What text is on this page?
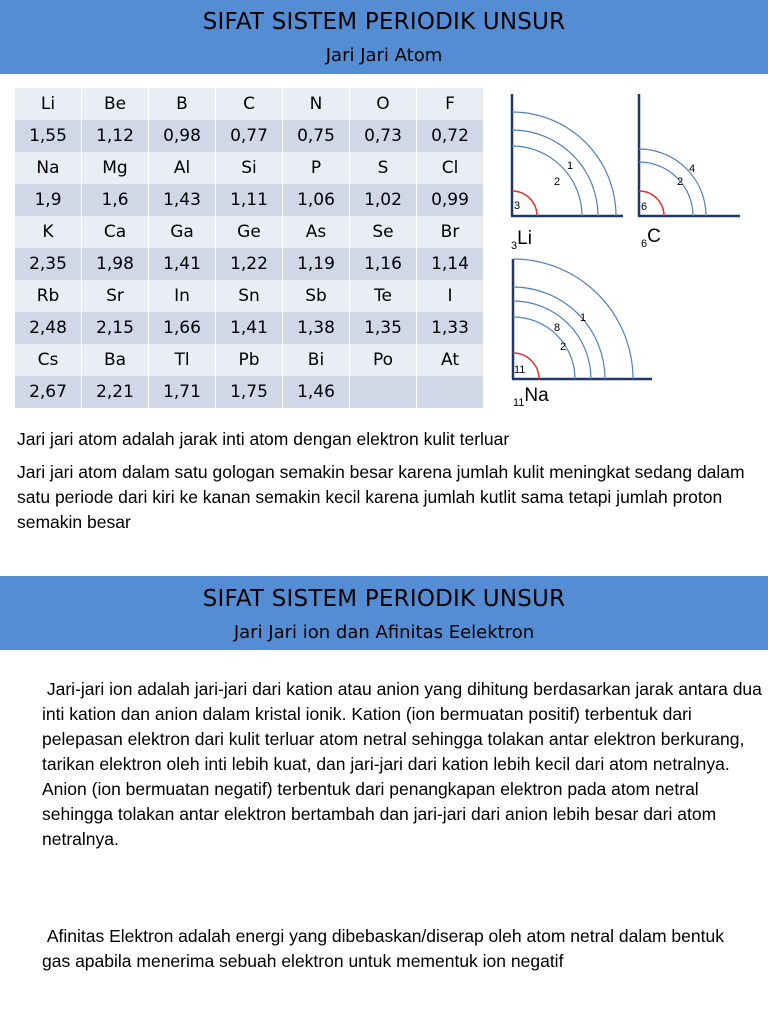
SIFAT SISTEM PERIODIK UNSUR
Jari Jari Atom
Li	Be	B	C	N	O	F
1,55	1,12	0,98	0,77	0,75	0,73	0,72
Na	Mg	Al	Si	P	S	Cl
1,9	1,6	1,43	1,11	1,06	1,02	0,99
K	Ca	Ga	Ge	As	Se	Br
2,35	1,98	1,41	1,22	1,19	1,16	1,14
Rb	Sr	In	Sn	Sb	Te	I
2,48	2,15	1,66	1,41	1,38	1,35	1,33
Cs	Ba	Tl	Pb	Bi	Po	At
2,67	2,21	1,71	1,75	1,46		
3
2
1
$_3$Li
6
2
4
$_6$C
11
2
8
1
$_{11}$Na
Jari jari atom adalah jarak inti atom dengan elektron kulit terluar
Jari jari atom dalam satu gologan semakin besar karena jumlah kulit meningkat sedang dalam satu periode dari kiri ke kanan semakin kecil karena jumlah kutlit sama tetapi jumlah proton semakin besar
SIFAT SISTEM PERIODIK UNSUR
Jari Jari ion dan Afinitas Eelektron
Jari-jari ion adalah jari-jari dari kation atau anion yang dihitung berdasarkan jarak antara dua inti kation dan anion dalam kristal ionik. Kation (ion bermuatan positif) terbentuk dari pelepasan elektron dari kulit terluar atom netral sehingga tolakan antar elektron berkurang, tarikan elektron oleh inti lebih kuat, dan jari-jari dari kation lebih kecil dari atom netralnya. Anion (ion bermuatan negatif) terbentuk dari penangkapan elektron pada atom netral sehingga tolakan antar elektron bertambah dan jari-jari dari anion lebih besar dari atom netralnya.
Afinitas Elektron adalah energi yang dibebaskan/diserap oleh atom netral dalam bentuk gas apabila menerima sebuah elektron untuk mementuk ion negatif
